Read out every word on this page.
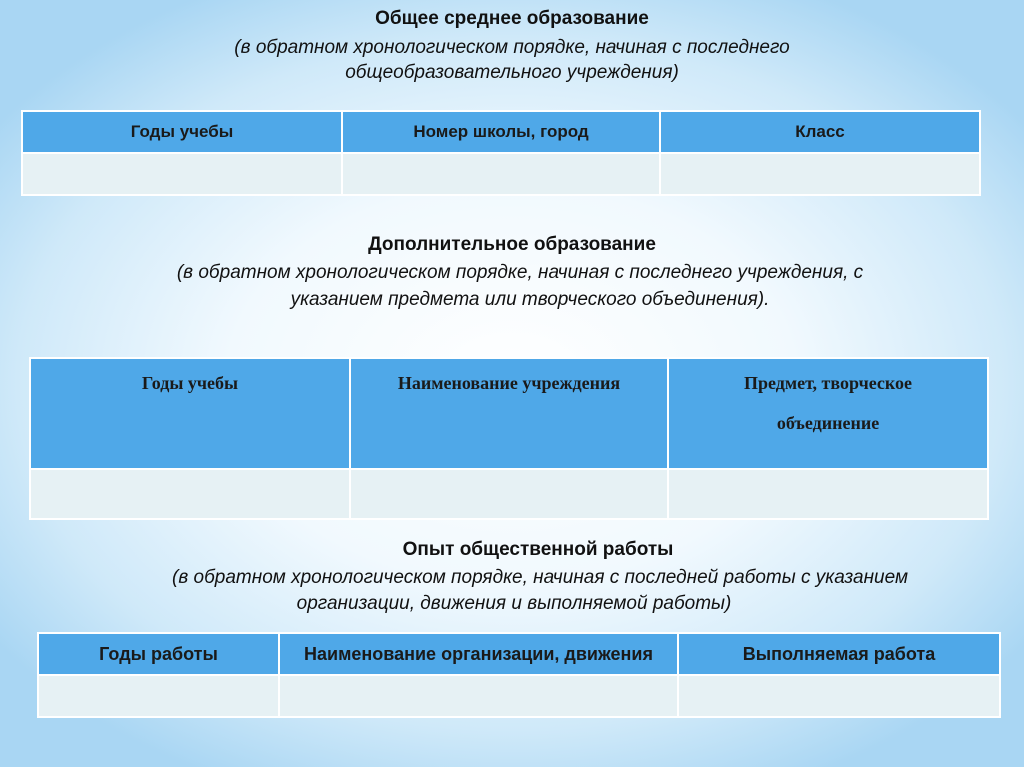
Общее среднее образование
(в обратном хронологическом порядке, начиная с последнего
общеобразовательного учреждения)
Годы учебы	Номер школы, город	Класс

Дополнительное образование
(в обратном хронологическом порядке, начиная с последнего учреждения, с
указанием предмета или творческого объединения).
Годы учебы	Наименование учреждения	Предмет, творческое объединение

Опыт общественной работы
(в обратном хронологическом порядке, начиная с последней работы с указанием
организации, движения и выполняемой работы)
Годы работы	Наименование организации, движения	Выполняемая работа
